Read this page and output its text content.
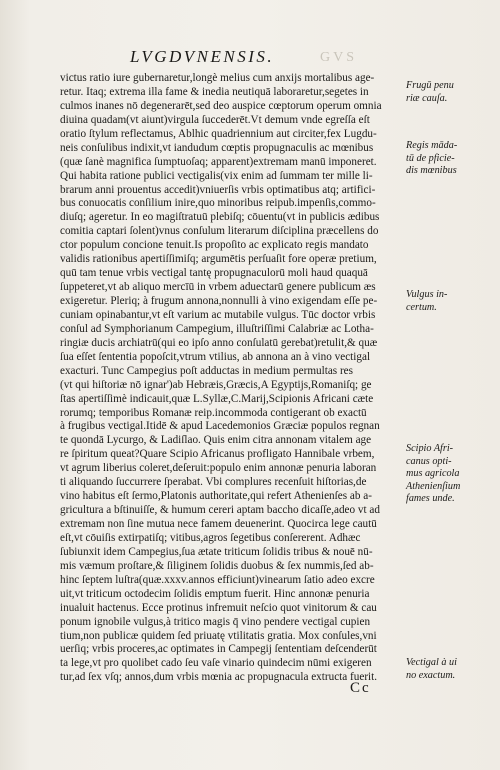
LVGDVNENSIS.	GVS
victus ratio iure gubernaretur,longè melius cum anxijs mortalibus age-
retur. Itaq; extrema illa fame & inedia neutiquā laboraretur,segetes in
culmos inanes nō degenerarēt,sed deo auspice cœptorum operum omnia
diuina quadam(vt aiunt)virgula ſuccederēt.Vt demum vnde egreſſa eſt
oratio ſtylum reflectamus, Ablhic quadriennium aut circiter,fex Lugdu-
neis conſulibus indixit,vt iandudum cœptis propugnaculis ac mœnibus
(quæ ſanè magnifica ſumptuoſaq; apparent)extremam manū imponeret.
Qui habita ratione publici vectigalis(vix enim ad ſummam ter mille li-
brarum anni prouentus accedit)vniuerſis vrbis optimatibus atq; artifici-
bus conuocatis conſilium inire,quo minoribus reipub.impenſis,commo-
diuſq; ageretur. In eo magiſtratuū plebiſq; cōuentu(vt in publicis ædibus
comitia captari ſolent)vnus conſulum literarum diſciplina præcellens do
ctor populum concione tenuit.Is propoſito ac explicato regis mandato
validis rationibus apertiſſimiſq; argumētis perſuaſit fore operæ pretium,
quū tam tenue vrbis vectigal tantę propugnaculorū moli haud quaquā
ſuppeteret,vt ab aliquo mercīū in vrbem aduectarū genere publicum æs
exigeretur. Pleriq; à frugum annona,nonnulli à vino exigendam eſſe pe-
cuniam opinabantur,vt eſt varium ac mutabile vulgus. Tūc doctor vrbis
conſul ad Symphorianum Campegium, illuſtriſſimi Calabriæ ac Lotha-
ringiæ ducis archiatrū(qui eo ipſo anno conſulatū gerebat)retulit,& quæ
ſua eſſet ſententia popoſcit,vtrum vtilius, ab annona an à vino vectigal
exacturi. Tunc Campegius poſt adductas in medium permultas res
(vt qui hiſtoriæ nō ignar')ab Hebræis,Græcis,A Egyptijs,Romaniſq; ge
ſtas apertiſſimè indicauit,quæ L.Syllæ,C.Marij,Scipionis Africani cæte
rorumq; temporibus Romanæ reip.incommoda contigerant ob exactū
à frugibus vectigal.Itidē & apud Lacedemonios Græciæ populos regnan
te quondā Lycurgo, & Ladiſlao. Quis enim citra annonam vitalem age
re ſpiritum queat?Quare Scipio Africanus profligato Hannibale vrbem,
vt agrum liberius coleret,deſeruit:populo enim annonæ penuria laboran
ti aliquando ſuccurrere ſperabat. Vbi complures recenſuit hiſtorias,de
vino habitus eſt ſermo,Platonis authoritate,qui refert Athenienſes ab a-
gricultura a bſtinuiſſe, & humum cereri aptam baccho dicaſſe,adeo vt ad
extremam non ſine mutua nece famem deuenerint. Quocirca lege cautū
eſt,vt cōuiſis extirpatiſq; vitibus,agros ſegetibus conſererent. Adhæc
ſubiunxit idem Campegius,ſua ætate triticum ſolidis tribus & nouē nū-
mis væmum proſtare,& ſiliginem ſolidis duobus & ſex nummis,ſed ab-
hinc ſeptem luſtra(quæ.xxxv.annos efficiunt)vinearum ſatio adeo excre
uit,vt triticum octodecim ſolidis emptum fuerit. Hinc annonæ penuria
inualuit hactenus. Ecce protinus infremuit neſcio quot vinitorum & cau
ponum ignobile vulgus,à tritico magis q̄ vino pendere vectigal cupien
tium,non publicæ quidem ſed priuatę vtilitatis gratia. Mox conſules,vni
uerſiq; vrbis proceres,ac optimates in Campegij ſententiam deſcenderūt
ta lege,vt pro quolibet cado ſeu vaſe vinario quindecim nūmi exigeren
tur,ad ſex vſq; annos,dum vrbis mœnia ac propugnacula extructa fuerit.
Frugū penu
riæ cauſa.
Regis māda-
tū de pficie-
dis mœnibus
Vulgus in-
certum.
Scipio Afri-
canus opti-
mus agricola
Athenienſium
fames unde.
Vectigal à ui
no exactum.
Cc
